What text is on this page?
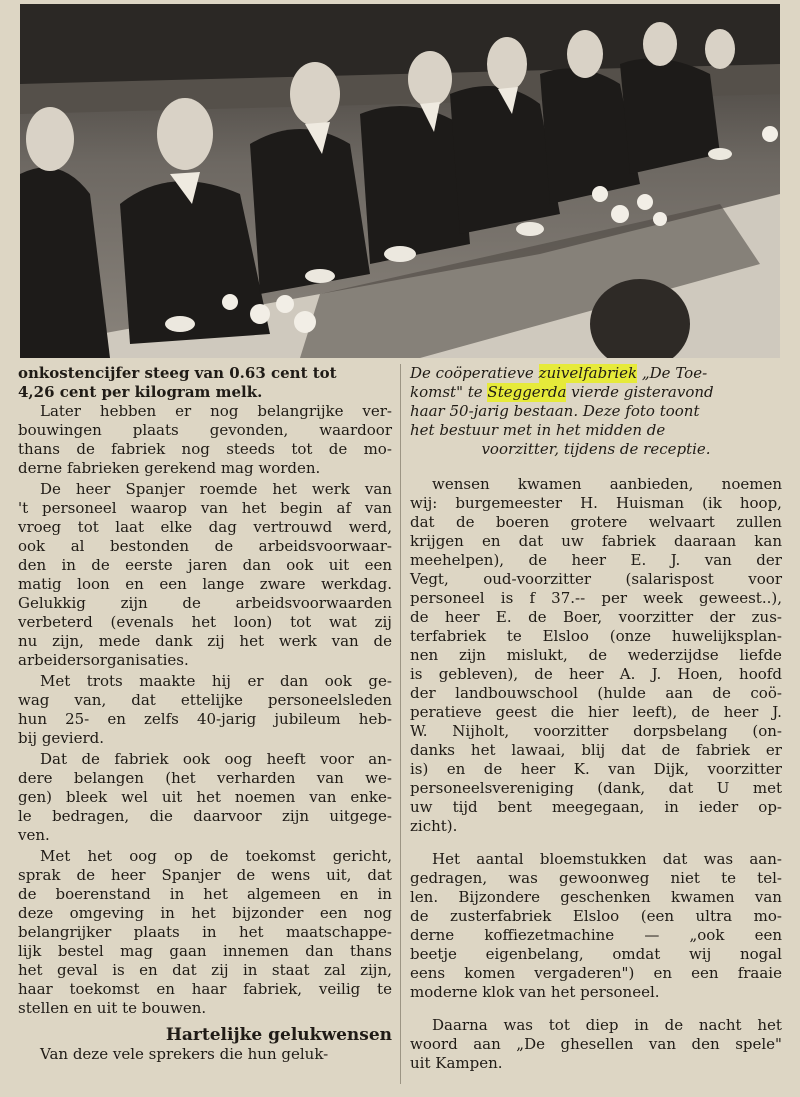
onkostencijfer steeg van 0.63 cent tot
4,26 cent per kilogram melk.
Later hebben er nog belangrijke ver-
bouwingen plaats gevonden, waardoor
thans de fabriek nog steeds tot de mo-
derne fabrieken gerekend mag worden.
De heer Spanjer roemde het werk van
't personeel waarop van het begin af van
vroeg tot laat elke dag vertrouwd werd,
ook al bestonden de arbeidsvoorwaar-
den in de eerste jaren dan ook uit een
matig loon en een lange zware werkdag.
Gelukkig zijn de arbeidsvoorwaarden
verbeterd (evenals het loon) tot wat zij
nu zijn, mede dank zij het werk van de
arbeidersorganisaties.
Met trots maakte hij er dan ook ge-
wag van, dat ettelijke personeelsleden
hun 25- en zelfs 40-jarig jubileum heb-
bij gevierd.
Dat de fabriek ook oog heeft voor an-
dere belangen (het verharden van we-
gen) bleek wel uit het noemen van enke-
le bedragen, die daarvoor zijn uitgege-
ven.
Met het oog op de toekomst gericht,
sprak de heer Spanjer de wens uit, dat
de boerenstand in het algemeen en in
deze omgeving in het bijzonder een nog
belangrijker plaats in het maatschappe-
lijk bestel mag gaan innemen dan thans
het geval is en dat zij in staat zal zijn,
haar toekomst en haar fabriek, veilig te
stellen en uit te bouwen.
Hartelijke gelukwensen
Van deze vele sprekers die hun geluk-
De coöperatieve zuivelfabriek „De Toe-
komst" te Steggerda vierde gisteravond
haar 50-jarig bestaan. Deze foto toont
het bestuur met in het midden de
voorzitter, tijdens de receptie.
wensen kwamen aanbieden, noemen
wij: burgemeester H. Huisman (ik hoop,
dat de boeren grotere welvaart zullen
krijgen en dat uw fabriek daaraan kan
meehelpen), de heer E. J. van der
Vegt, oud-voorzitter (salarispost voor
personeel is f 37.-- per week geweest..),
de heer E. de Boer, voorzitter der zus-
terfabriek te Elsloo (onze huwelijksplan-
nen zijn mislukt, de wederzijdse liefde
is gebleven), de heer A. J. Hoen, hoofd
der landbouwschool (hulde aan de coö-
peratieve geest die hier leeft), de heer J.
W. Nijholt, voorzitter dorpsbelang (on-
danks het lawaai, blij dat de fabriek er
is) en de heer K. van Dijk, voorzitter
personeelsvereniging (dank, dat U met
uw tijd bent meegegaan, in ieder op-
zicht).
Het aantal bloemstukken dat was aan-
gedragen, was gewoonweg niet te tel-
len. Bijzondere geschenken kwamen van
de zusterfabriek Elsloo (een ultra mo-
derne koffiezetmachine — „ook een
beetje eigenbelang, omdat wij nogal
eens komen vergaderen") en een fraaie
moderne klok van het personeel.
Daarna was tot diep in de nacht het
woord aan „De ghesellen van den spele"
uit Kampen.
